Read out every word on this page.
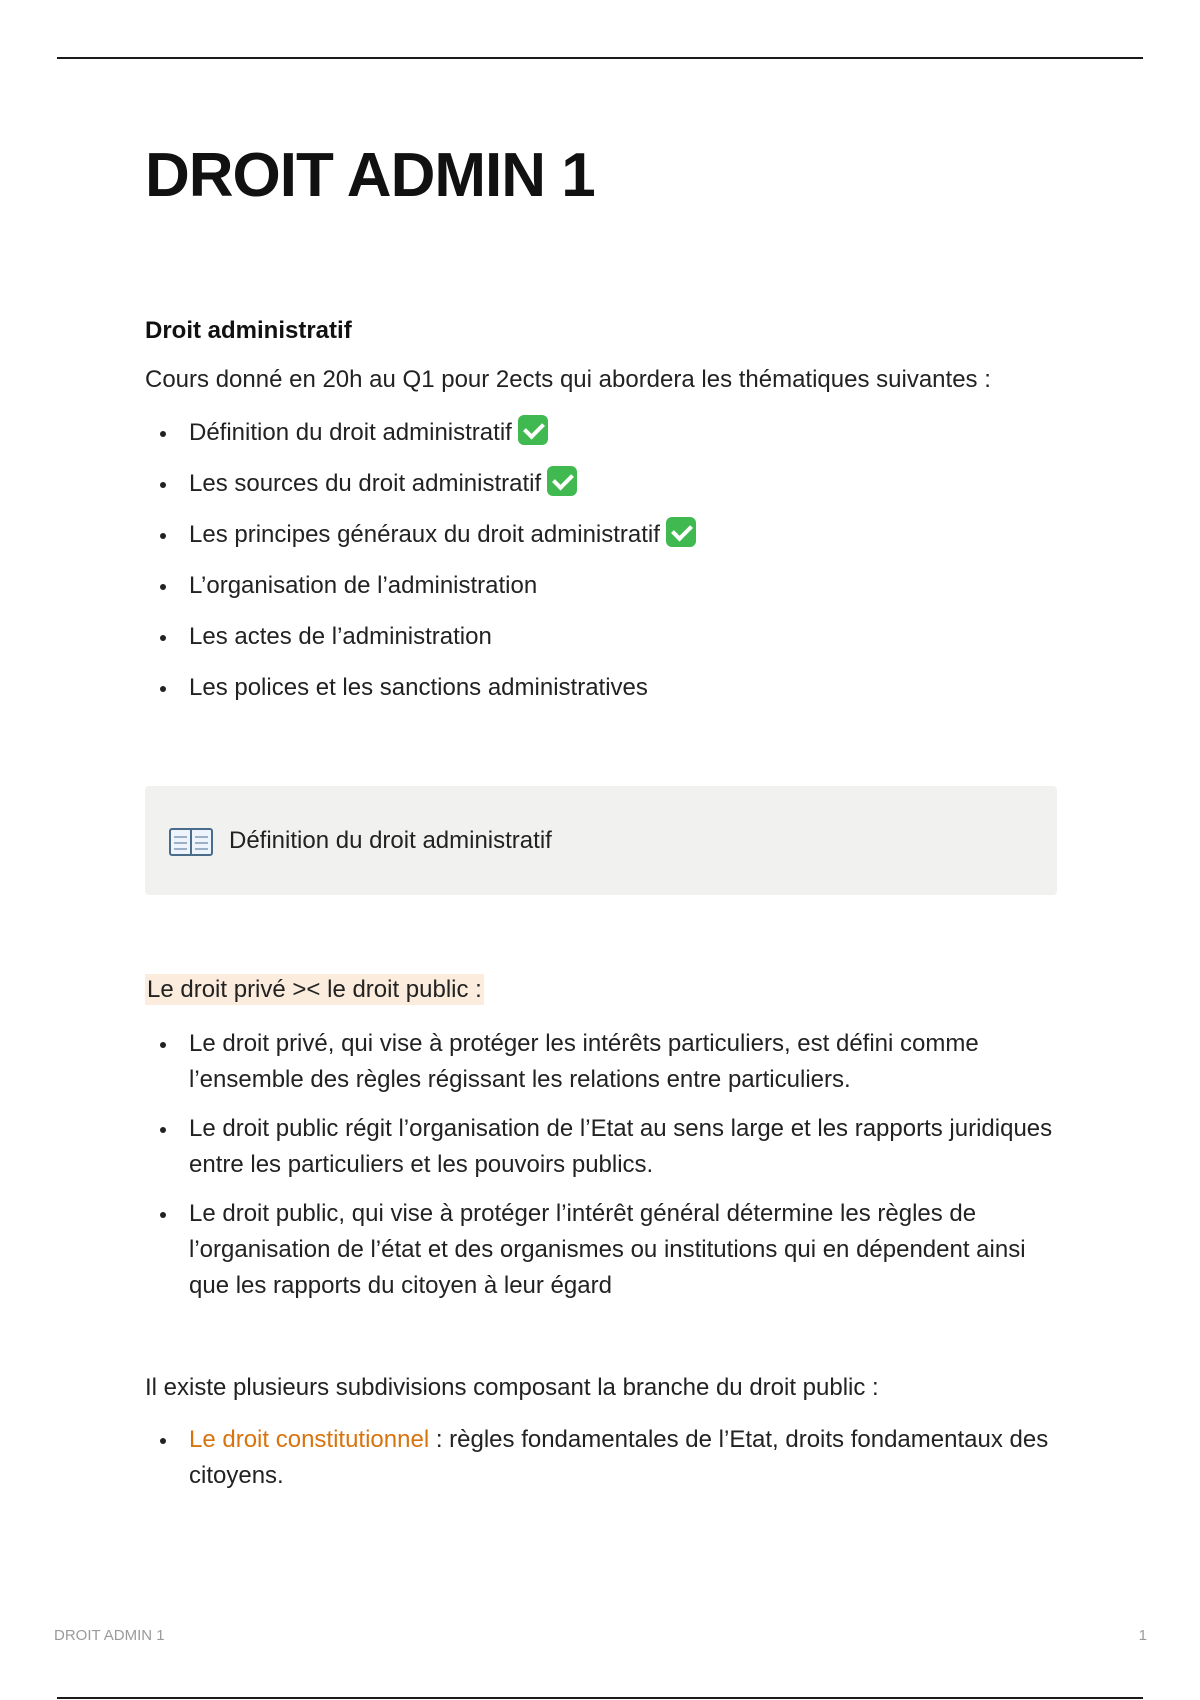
DROIT ADMIN 1
Droit administratif

Cours donné en 20h au Q1 pour 2ects qui abordera les thématiques suivantes :

Définition du droit administratif
Les sources du droit administratif
Les principes généraux du droit administratif
L’organisation de l’administration
Les actes de l’administration
Les polices et les sanctions administratives
Définition du droit administratif

Le droit privé >< le droit public :

Le droit privé, qui vise à protéger les intérêts particuliers, est défini comme l’ensemble des règles régissant les relations entre particuliers.
Le droit public régit l’organisation de l’Etat au sens large et les rapports juridiques entre les particuliers et les pouvoirs publics.
Le droit public, qui vise à protéger l’intérêt général détermine les règles de l’organisation de l’état et des organismes ou institutions qui en dépendent ainsi que les rapports du citoyen à leur égard

Il existe plusieurs subdivisions composant la branche du droit public :

Le droit constitutionnel : règles fondamentales de l’Etat, droits fondamentaux des citoyens.
DROIT ADMIN 1	1
